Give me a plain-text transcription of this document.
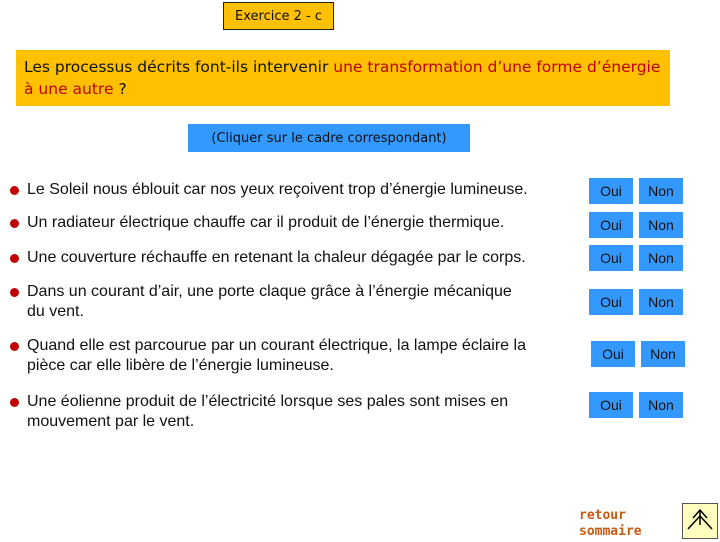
Exercice 2 - c
Les processus décrits font-ils intervenir une transformation d’une forme d’énergie à une autre ?
(Cliquer sur le cadre correspondant)
Le Soleil nous éblouit car nos yeux reçoivent trop d’énergie lumineuse.	Oui Non
Un radiateur électrique chauffe car il produit de l’énergie thermique.	Oui Non
Une couverture réchauffe en retenant la chaleur dégagée par le corps.	Oui Non
Dans un courant d’air, une porte claque grâce à l’énergie mécanique
du vent.
Oui Non
Quand elle est parcourue par un courant électrique, la lampe éclaire la
pièce car elle libère de l’énergie lumineuse.
Oui Non
Une éolienne produit de l’électricité lorsque ses pales sont mises en
mouvement par le vent.
Oui Non
retour
sommaire
